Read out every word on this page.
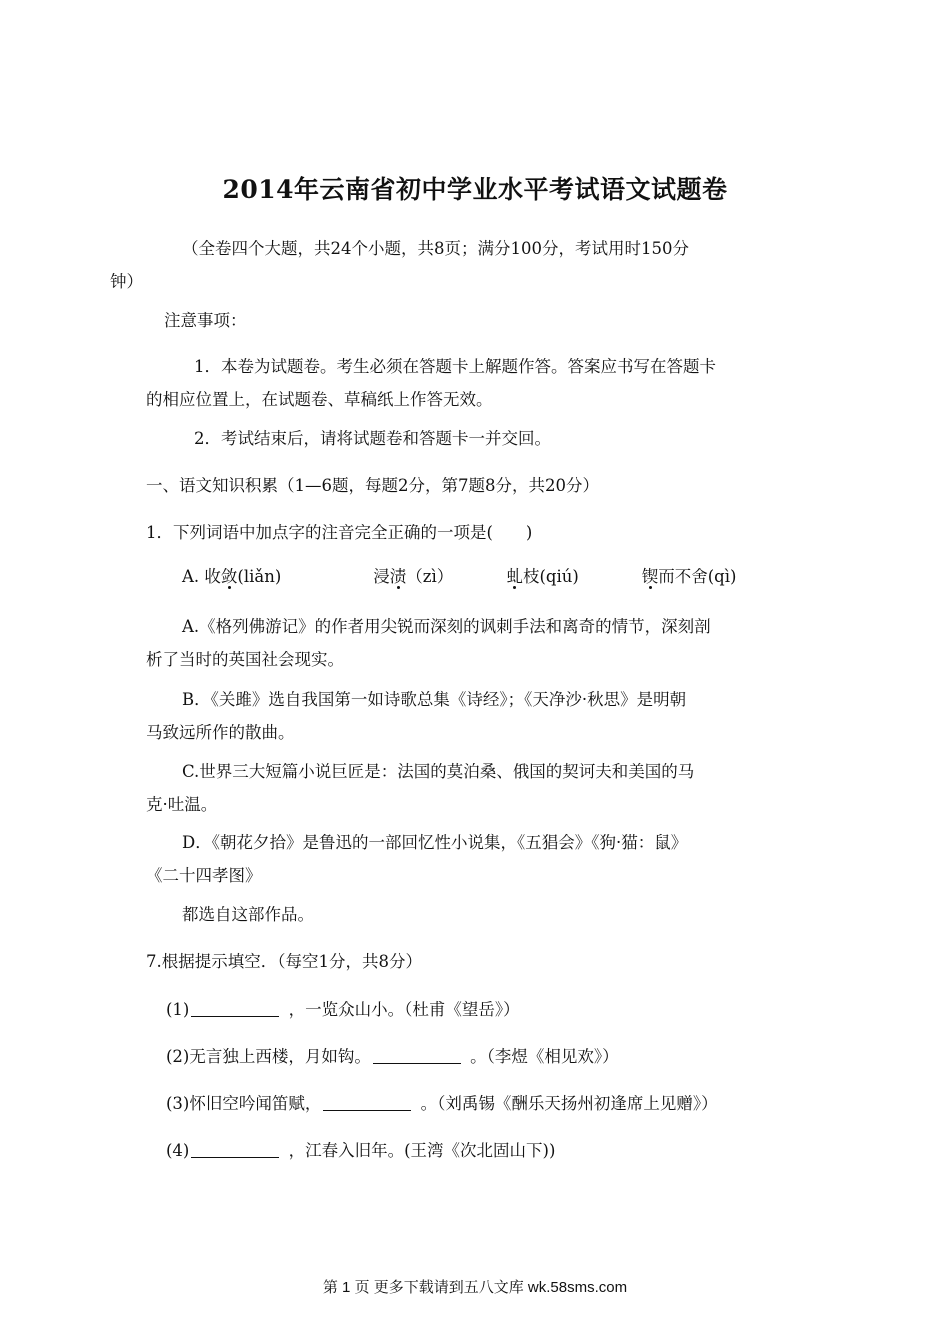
2014年云南省初中学业水平考试语文试题卷

（全卷四个大题，共24个小题，共8页；满分100分，考试用时150分
钟）

注意事项：

1．本卷为试题卷。考生必须在答题卡上解题作答。答案应书写在答题卡
的相应位置上，在试题卷、草稿纸上作答无效。

2．考试结束后，请将试题卷和答题卡一并交回。

一、语文知识积累（1—6题，每题2分，第7题8分，共20分）

1．下列词语中加点字的注音完全正确的一项是(　　)

A. 收敛(liǎn)	浸渍（zì）	虬枝(qiú)	锲而不舍(qì)

A.《格列佛游记》的作者用尖锐而深刻的讽刺手法和离奇的情节，深刻剖
析了当时的英国社会现实。

B．《关雎》选自我国第一如诗歌总集《诗经》；《天净沙·秋思》是明朝
马致远所作的散曲。

C.世界三大短篇小说巨匠是：法国的莫泊桑、俄国的契诃夫和美国的马
克·吐温。

D．《朝花夕拾》是鲁迅的一部回忆性小说集，《五猖会》《狗·猫：鼠》
《二十四孝图》

都选自这部作品。

7.根据提示填空．（每空1分，共8分）

(1)	，一览众山小。（杜甫《望岳》）
(2)无言独上西楼，月如钩。	。（李煜《相见欢》）
(3)怀旧空吟闻笛赋，	。（刘禹锡《酬乐天扬州初逢席上见赠》）
(4)	，江春入旧年。(王湾《次北固山下))
第 1 页 更多下载请到五八文库 wk.58sms.com
